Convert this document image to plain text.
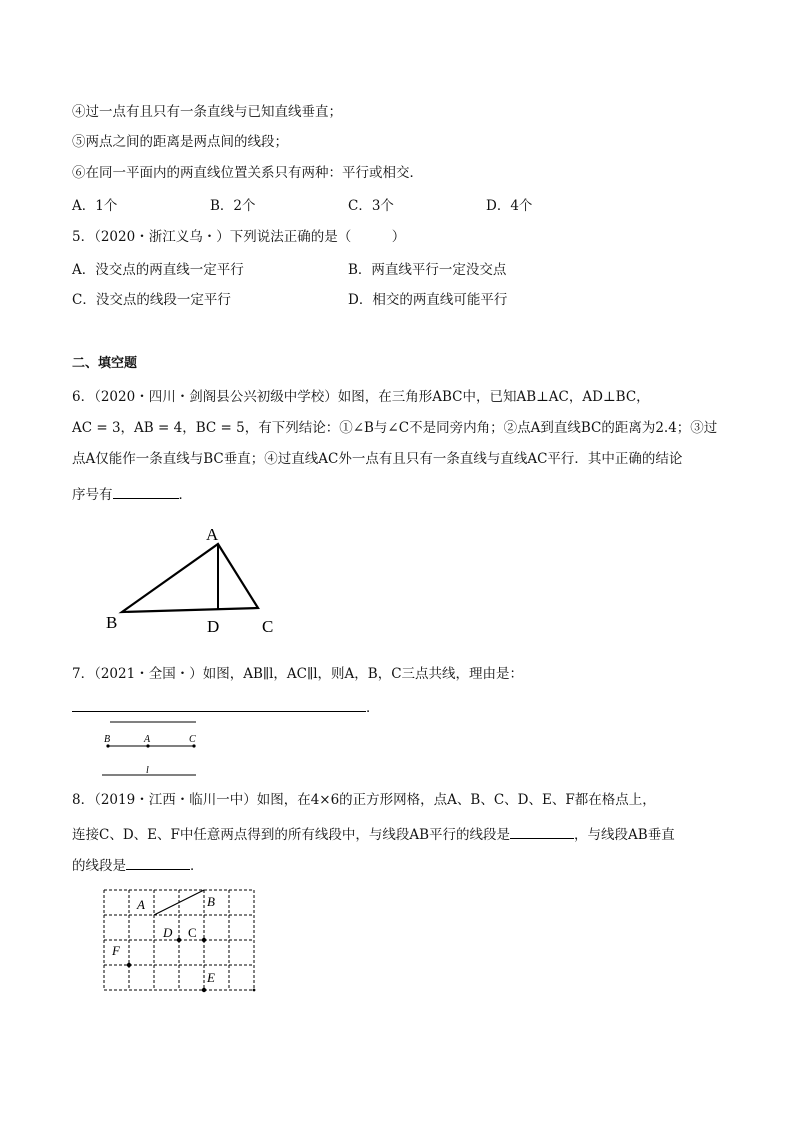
④过一点有且只有一条直线与已知直线垂直；
⑤两点之间的距离是两点间的线段；
⑥在同一平面内的两直线位置关系只有两种：平行或相交．
A．1个	B．2个	C．3个	D．4个
5．（2020・浙江义乌・）下列说法正确的是（　　　）
A．没交点的两直线一定平行	B．两直线平行一定没交点
C．没交点的线段一定平行	D．相交的两直线可能平行
二、填空题
6．（2020・四川・剑阁县公兴初级中学校）如图，在三角形ABC中，已知AB⊥AC，AD⊥BC，
AC = 3，AB = 4，BC = 5，有下列结论：①∠B与∠C不是同旁内角；②点A到直线BC的距离为2.4；③过
点A仅能作一条直线与BC垂直；④过直线AC外一点有且只有一条直线与直线AC平行．其中正确的结论
序号有	．
A
B	D	C
7．（2021・全国・）如图，AB∥l，AC∥l，则A，B，C三点共线，理由是：
．
B	A	C
l
8．（2019・江西・临川一中）如图，在4×6的正方形网格，点A、B、C、D、E、F都在格点上，
连接C、D、E、F中任意两点得到的所有线段中，与线段AB平行的线段是	，与线段AB垂直
的线段是	．
A	B
D C
F
E
